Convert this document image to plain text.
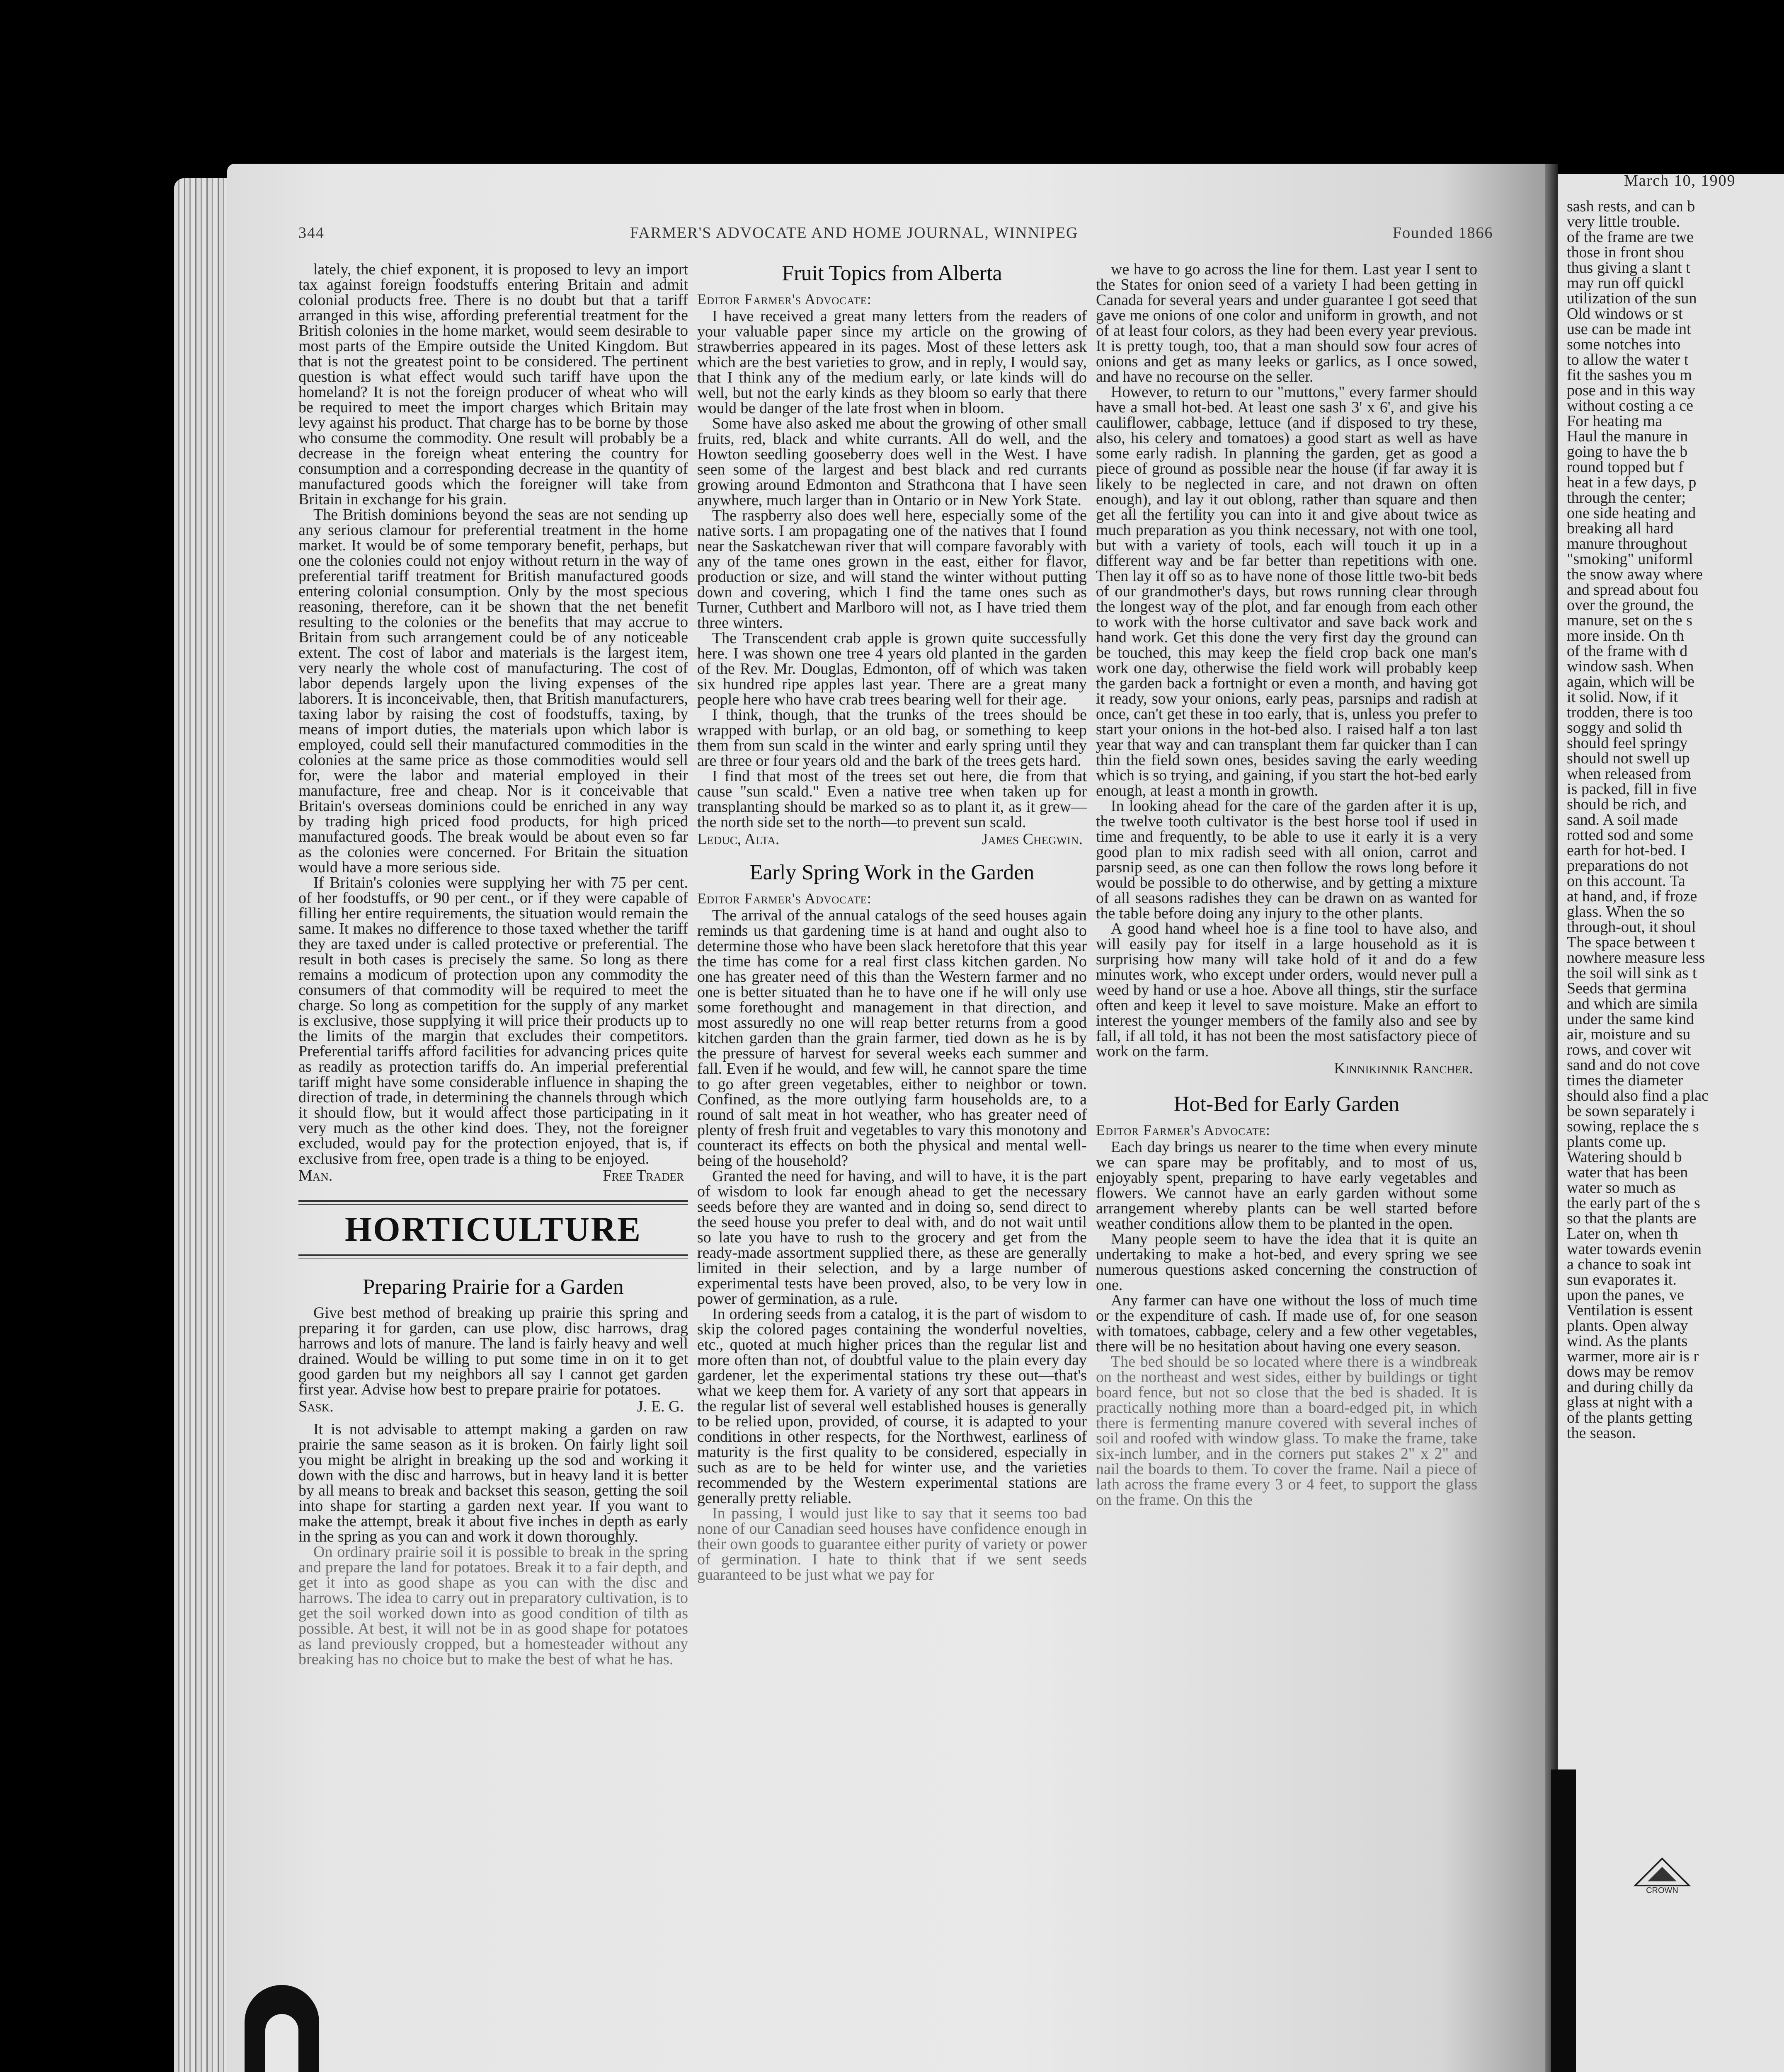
March 10, 1909
sash rests, and can b
very little trouble.
of the frame are twe
those in front shou
thus giving a slant t
may run off quickl
utilization of the sun
Old windows or st
use can be made int
some notches into
to allow the water t
fit the sashes you m
pose and in this way
without costing a ce
For heating ma
Haul the manure in
going to have the b
round topped but f
heat in a few days, p
through the center;
one side heating and
breaking all hard
manure throughout
"smoking" uniforml
the snow away where
and spread about fou
over the ground, the
manure, set on the s
more inside. On th
of the frame with d
window sash. When
again, which will be
it solid. Now, if it
trodden, there is too
soggy and solid th
should feel springy
should not swell up
when released from
is packed, fill in five
should be rich, and
sand. A soil made
rotted sod and some
earth for hot-bed. I
preparations do not
on this account. Ta
at hand, and, if froze
glass. When the so
through-out, it shoul
The space between t
nowhere measure less
the soil will sink as t
Seeds that germina
and which are simila
under the same kind
air, moisture and su
rows, and cover wit
sand and do not cove
times the diameter
should also find a plac
be sown separately i
sowing, replace the s
plants come up.
Watering should b
water that has been
water so much as
the early part of the s
so that the plants are
Later on, when th
water towards evenin
a chance to soak int
sun evaporates it.
upon the panes, ve
Ventilation is essent
plants. Open alway
wind. As the plants
warmer, more air is r
dows may be remov
and during chilly da
glass at night with a
of the plants getting
the season.
CROWN
344	FARMER'S ADVOCATE AND HOME JOURNAL, WINNIPEG	Founded 1866

lately, the chief exponent, it is proposed to levy an import tax against foreign foodstuffs entering Britain and admit colonial products free. There is no doubt but that a tariff arranged in this wise, affording preferential treatment for the British colonies in the home market, would seem desirable to most parts of the Empire outside the United Kingdom. But that is not the greatest point to be considered. The pertinent question is what effect would such tariff have upon the homeland? It is not the foreign producer of wheat who will be required to meet the import charges which Britain may levy against his product. That charge has to be borne by those who consume the commodity. One result will probably be a decrease in the foreign wheat entering the country for consumption and a corresponding decrease in the quantity of manufactured goods which the foreigner will take from Britain in exchange for his grain.

The British dominions beyond the seas are not sending up any serious clamour for preferential treatment in the home market. It would be of some temporary benefit, perhaps, but one the colonies could not enjoy without return in the way of preferential tariff treatment for British manufactured goods entering colonial consumption. Only by the most specious reasoning, therefore, can it be shown that the net benefit resulting to the colonies or the benefits that may accrue to Britain from such arrangement could be of any noticeable extent. The cost of labor and materials is the largest item, very nearly the whole cost of manufacturing. The cost of labor depends largely upon the living expenses of the laborers. It is inconceivable, then, that British manufacturers, taxing labor by raising the cost of foodstuffs, taxing, by means of import duties, the materials upon which labor is employed, could sell their manufactured commodities in the colonies at the same price as those commodities would sell for, were the labor and material employed in their manufacture, free and cheap. Nor is it conceivable that Britain's overseas dominions could be enriched in any way by trading high priced food products, for high priced manufactured goods. The break would be about even so far as the colonies were concerned. For Britain the situation would have a more serious side.

If Britain's colonies were supplying her with 75 per cent. of her foodstuffs, or 90 per cent., or if they were capable of filling her entire requirements, the situation would remain the same. It makes no difference to those taxed whether the tariff they are taxed under is called protective or preferential. The result in both cases is precisely the same. So long as there remains a modicum of protection upon any commodity the consumers of that commodity will be required to meet the charge. So long as competition for the supply of any market is exclusive, those supplying it will price their products up to the limits of the margin that excludes their competitors. Preferential tariffs afford facilities for advancing prices quite as readily as protection tariffs do. An imperial preferential tariff might have some considerable influence in shaping the direction of trade, in determining the channels through which it should flow, but it would affect those participating in it very much as the other kind does. They, not the foreigner excluded, would pay for the protection enjoyed, that is, if exclusive from free, open trade is a thing to be enjoyed.

Man.	Free Trader
HORTICULTURE
Preparing Prairie for a Garden

Give best method of breaking up prairie this spring and preparing it for garden, can use plow, disc harrows, drag harrows and lots of manure. The land is fairly heavy and well drained. Would be willing to put some time in on it to get good garden but my neighbors all say I cannot get garden first year. Advise how best to prepare prairie for potatoes.

Sask.	J. E. G.

It is not advisable to attempt making a garden on raw prairie the same season as it is broken. On fairly light soil you might be alright in breaking up the sod and working it down with the disc and harrows, but in heavy land it is better by all means to break and backset this season, getting the soil into shape for starting a garden next year. If you want to make the attempt, break it about five inches in depth as early in the spring as you can and work it down thoroughly.

On ordinary prairie soil it is possible to break in the spring and prepare the land for potatoes. Break it to a fair depth, and get it into as good shape as you can with the disc and harrows. The idea to carry out in preparatory cultivation, is to get the soil worked down into as good condition of tilth as possible. At best, it will not be in as good shape for potatoes as land previously cropped, but a homesteader without any breaking has no choice but to make the best of what he has.

Fruit Topics from Alberta
Editor Farmer's Advocate:

I have received a great many letters from the readers of your valuable paper since my article on the growing of strawberries appeared in its pages. Most of these letters ask which are the best varieties to grow, and in reply, I would say, that I think any of the medium early, or late kinds will do well, but not the early kinds as they bloom so early that there would be danger of the late frost when in bloom.

Some have also asked me about the growing of other small fruits, red, black and white currants. All do well, and the Howton seedling gooseberry does well in the West. I have seen some of the largest and best black and red currants growing around Edmonton and Strathcona that I have seen anywhere, much larger than in Ontario or in New York State.

The raspberry also does well here, especially some of the native sorts. I am propagating one of the natives that I found near the Saskatchewan river that will compare favorably with any of the tame ones grown in the east, either for flavor, production or size, and will stand the winter without putting down and covering, which I find the tame ones such as Turner, Cuthbert and Marlboro will not, as I have tried them three winters.

The Transcendent crab apple is grown quite successfully here. I was shown one tree 4 years old planted in the garden of the Rev. Mr. Douglas, Edmonton, off of which was taken six hundred ripe apples last year. There are a great many people here who have crab trees bearing well for their age.

I think, though, that the trunks of the trees should be wrapped with burlap, or an old bag, or something to keep them from sun scald in the winter and early spring until they are three or four years old and the bark of the trees gets hard.

I find that most of the trees set out here, die from that cause "sun scald." Even a native tree when taken up for transplanting should be marked so as to plant it, as it grew—the north side set to the north—to prevent sun scald.

Leduc, Alta.	James Chegwin.
Early Spring Work in the Garden
Editor Farmer's Advocate:

The arrival of the annual catalogs of the seed houses again reminds us that gardening time is at hand and ought also to determine those who have been slack heretofore that this year the time has come for a real first class kitchen garden. No one has greater need of this than the Western farmer and no one is better situated than he to have one if he will only use some forethought and management in that direction, and most assuredly no one will reap better returns from a good kitchen garden than the grain farmer, tied down as he is by the pressure of harvest for several weeks each summer and fall. Even if he would, and few will, he cannot spare the time to go after green vegetables, either to neighbor or town. Confined, as the more outlying farm households are, to a round of salt meat in hot weather, who has greater need of plenty of fresh fruit and vegetables to vary this monotony and counteract its effects on both the physical and mental well-being of the household?

Granted the need for having, and will to have, it is the part of wisdom to look far enough ahead to get the necessary seeds before they are wanted and in doing so, send direct to the seed house you prefer to deal with, and do not wait until so late you have to rush to the grocery and get from the ready-made assortment supplied there, as these are generally limited in their selection, and by a large number of experimental tests have been proved, also, to be very low in power of germination, as a rule.

In ordering seeds from a catalog, it is the part of wisdom to skip the colored pages containing the wonderful novelties, etc., quoted at much higher prices than the regular list and more often than not, of doubtful value to the plain every day gardener, let the experimental stations try these out—that's what we keep them for. A variety of any sort that appears in the regular list of several well established houses is generally to be relied upon, provided, of course, it is adapted to your conditions in other respects, for the Northwest, earliness of maturity is the first quality to be considered, especially in such as are to be held for winter use, and the varieties recommended by the Western experimental stations are generally pretty reliable.

In passing, I would just like to say that it seems too bad none of our Canadian seed houses have confidence enough in their own goods to guarantee either purity of variety or power of germination. I hate to think that if we sent seeds guaranteed to be just what we pay for

we have to go across the line for them. Last year I sent to the States for onion seed of a variety I had been getting in Canada for several years and under guarantee I got seed that gave me onions of one color and uniform in growth, and not of at least four colors, as they had been every year previous. It is pretty tough, too, that a man should sow four acres of onions and get as many leeks or garlics, as I once sowed, and have no recourse on the seller.

However, to return to our "muttons," every farmer should have a small hot-bed. At least one sash 3' x 6', and give his cauliflower, cabbage, lettuce (and if disposed to try these, also, his celery and tomatoes) a good start as well as have some early radish. In planning the garden, get as good a piece of ground as possible near the house (if far away it is likely to be neglected in care, and not drawn on often enough), and lay it out oblong, rather than square and then get all the fertility you can into it and give about twice as much preparation as you think necessary, not with one tool, but with a variety of tools, each will touch it up in a different way and be far better than repetitions with one. Then lay it off so as to have none of those little two-bit beds of our grandmother's days, but rows running clear through the longest way of the plot, and far enough from each other to work with the horse cultivator and save back work and hand work. Get this done the very first day the ground can be touched, this may keep the field crop back one man's work one day, otherwise the field work will probably keep the garden back a fortnight or even a month, and having got it ready, sow your onions, early peas, parsnips and radish at once, can't get these in too early, that is, unless you prefer to start your onions in the hot-bed also. I raised half a ton last year that way and can transplant them far quicker than I can thin the field sown ones, besides saving the early weeding which is so trying, and gaining, if you start the hot-bed early enough, at least a month in growth.

In looking ahead for the care of the garden after it is up, the twelve tooth cultivator is the best horse tool if used in time and frequently, to be able to use it early it is a very good plan to mix radish seed with all onion, carrot and parsnip seed, as one can then follow the rows long before it would be possible to do otherwise, and by getting a mixture of all seasons radishes they can be drawn on as wanted for the table before doing any injury to the other plants.

A good hand wheel hoe is a fine tool to have also, and will easily pay for itself in a large household as it is surprising how many will take hold of it and do a few minutes work, who except under orders, would never pull a weed by hand or use a hoe. Above all things, stir the surface often and keep it level to save moisture. Make an effort to interest the younger members of the family also and see by fall, if all told, it has not been the most satisfactory piece of work on the farm.

Kinnikinnik Rancher.
Hot-Bed for Early Garden
Editor Farmer's Advocate:

Each day brings us nearer to the time when every minute we can spare may be profitably, and to most of us, enjoyably spent, preparing to have early vegetables and flowers. We cannot have an early garden without some arrangement whereby plants can be well started before weather conditions allow them to be planted in the open.

Many people seem to have the idea that it is quite an undertaking to make a hot-bed, and every spring we see numerous questions asked concerning the construction of one.

Any farmer can have one without the loss of much time or the expenditure of cash. If made use of, for one season with tomatoes, cabbage, celery and a few other vegetables, there will be no hesitation about having one every season.

The bed should be so located where there is a windbreak on the northeast and west sides, either by buildings or tight board fence, but not so close that the bed is shaded. It is practically nothing more than a board-edged pit, in which there is fermenting manure covered with several inches of soil and roofed with window glass. To make the frame, take six-inch lumber, and in the corners put stakes 2" x 2" and nail the boards to them. To cover the frame. Nail a piece of lath across the frame every 3 or 4 feet, to support the glass on the frame. On this the
